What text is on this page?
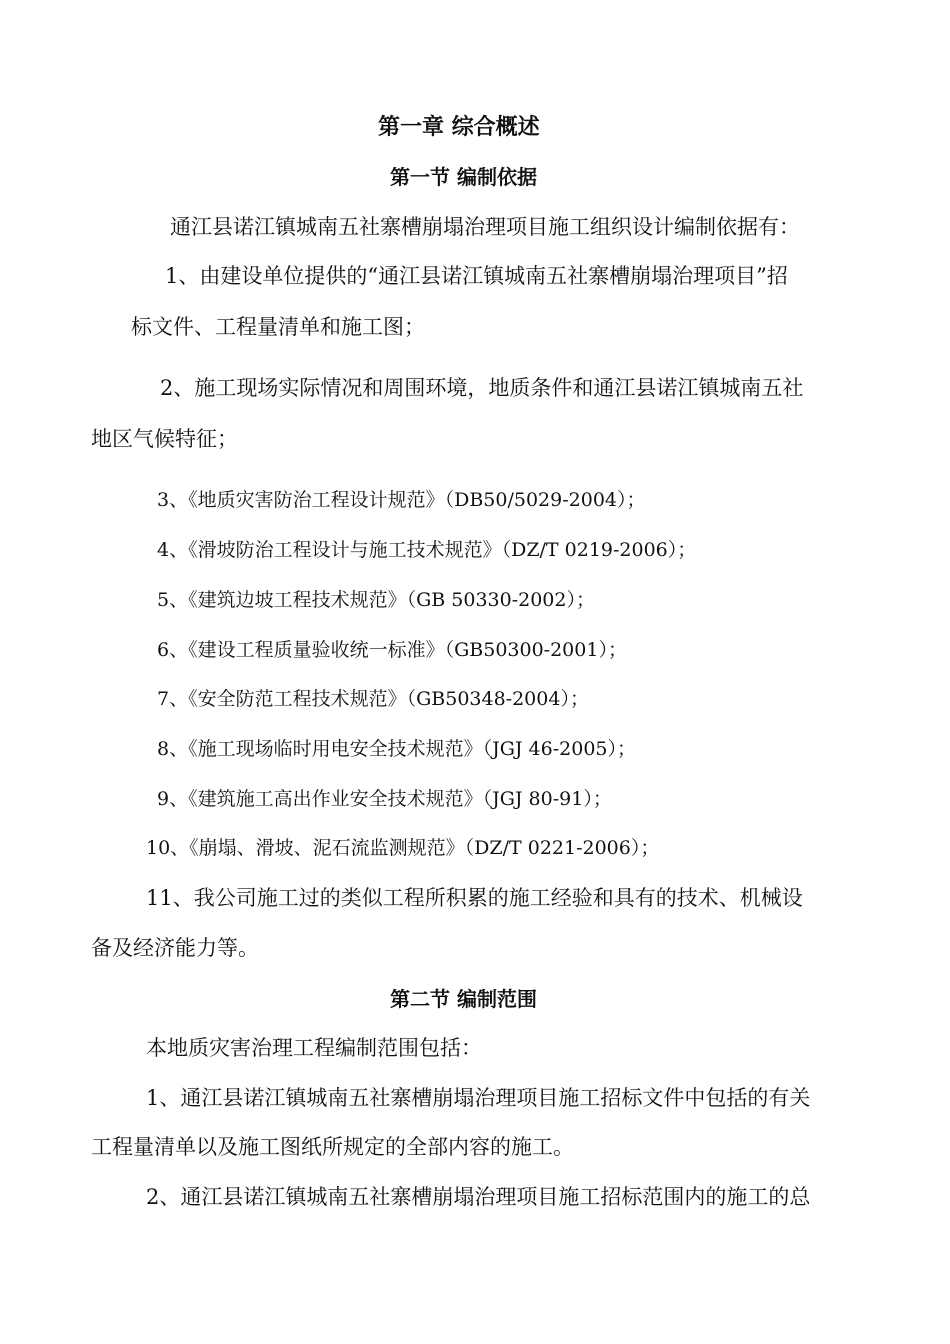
第一章 综合概述
第一节 编制依据
通江县诺江镇城南五社寨槽崩塌治理项目施工组织设计编制依据有：
1、由建设单位提供的“通江县诺江镇城南五社寨槽崩塌治理项目”招
标文件、工程量清单和施工图；
2、施工现场实际情况和周围环境，地质条件和通江县诺江镇城南五社
地区气候特征；
3、《地质灾害防治工程设计规范》（DB50/5029-2004）；
4、《滑坡防治工程设计与施工技术规范》（DZ/T 0219-2006）；
5、《建筑边坡工程技术规范》（GB 50330-2002）；
6、《建设工程质量验收统一标准》（GB50300-2001）；
7、《安全防范工程技术规范》（GB50348-2004）；
8、《施工现场临时用电安全技术规范》（JGJ 46-2005）；
9、《建筑施工高出作业安全技术规范》（JGJ 80-91）；
10、《崩塌、滑坡、泥石流监测规范》（DZ/T 0221-2006）；
11、我公司施工过的类似工程所积累的施工经验和具有的技术、机械设
备及经济能力等。
第二节 编制范围
本地质灾害治理工程编制范围包括：
1、通江县诺江镇城南五社寨槽崩塌治理项目施工招标文件中包括的有关
工程量清单以及施工图纸所规定的全部内容的施工。
2、通江县诺江镇城南五社寨槽崩塌治理项目施工招标范围内的施工的总
